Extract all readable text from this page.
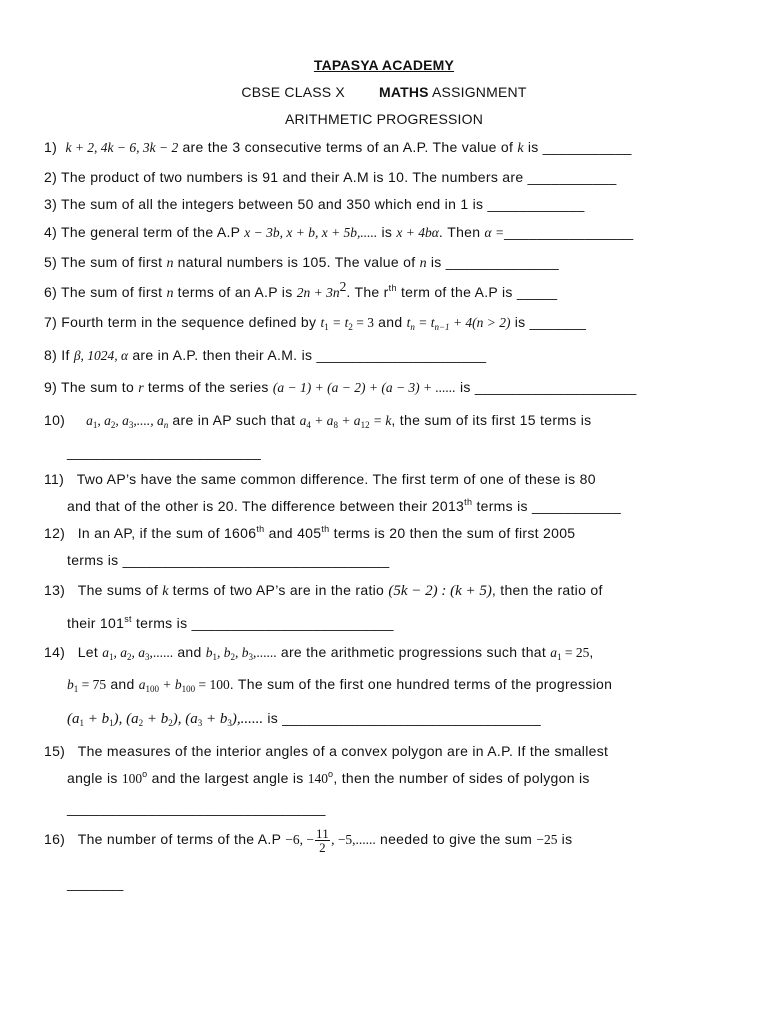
TAPASYA ACADEMY
CBSE CLASS X MATHS ASSIGNMENT
ARITHMETIC PROGRESSION
1) k + 2, 4k − 6, 3k − 2 are the 3 consecutive terms of an A.P. The value of k is ___________
2) The product of two numbers is 91 and their A.M is 10. The numbers are ___________
3) The sum of all the integers between 50 and 350 which end in 1 is ____________
4) The general term of the A.P x − 3b, x + b, x + 5b,..... is x + 4bα. Then α =________________
5) The sum of first n natural numbers is 105. The value of n is ______________
6) The sum of first n terms of an A.P is $2n + 3n^2$. The $r^{th}$ term of the A.P is _____
7) Fourth term in the sequence defined by $t_1 = t_2 = 3$ and $t_n = t_{n-1} + 4(n > 2)$ is _______
8) If β, 1024, α are in A.P. then their A.M. is _____________________
9) The sum to r terms of the series (a − 1) + (a − 2) + (a − 3) + ...... is ____________________
10) $a_1$, $a_2$, $a_3$,...., $a_n$ are in AP such that $a_4 + a_8 + a_{12} = k$, the sum of its first 15 terms is
________________________
11) Two AP’s have the same common difference. The first term of one of these is 80
and that of the other is 20. The difference between their 2013th terms is ___________
12) In an AP, if the sum of 1606th and 405th terms is 20 then the sum of first 2005
terms is _________________________________
13) The sums of k terms of two AP’s are in the ratio (5k − 2) : (k + 5), then the ratio of
their 101st terms is _________________________
14) Let $a_1$, $a_2$, $a_3$,...... and $b_1$, $b_2$, $b_3$,...... are the arithmetic progressions such that $a_1 = 25$,
$b_1 = 75$ and $a_{100} + b_{100} = 100$. The sum of the first one hundred terms of the progression
$(a_1 + b_1)$, $(a_2 + b_2)$, $(a_3 + b_3)$,...... is ________________________________
15) The measures of the interior angles of a convex polygon are in A.P. If the smallest
angle is 100$^o$ and the largest angle is 140$^o$, then the number of sides of polygon is
________________________________
16) The number of terms of the A.P −6, − $\frac{11}{2}$ , −5,...... needed to give the sum −25 is
_______
